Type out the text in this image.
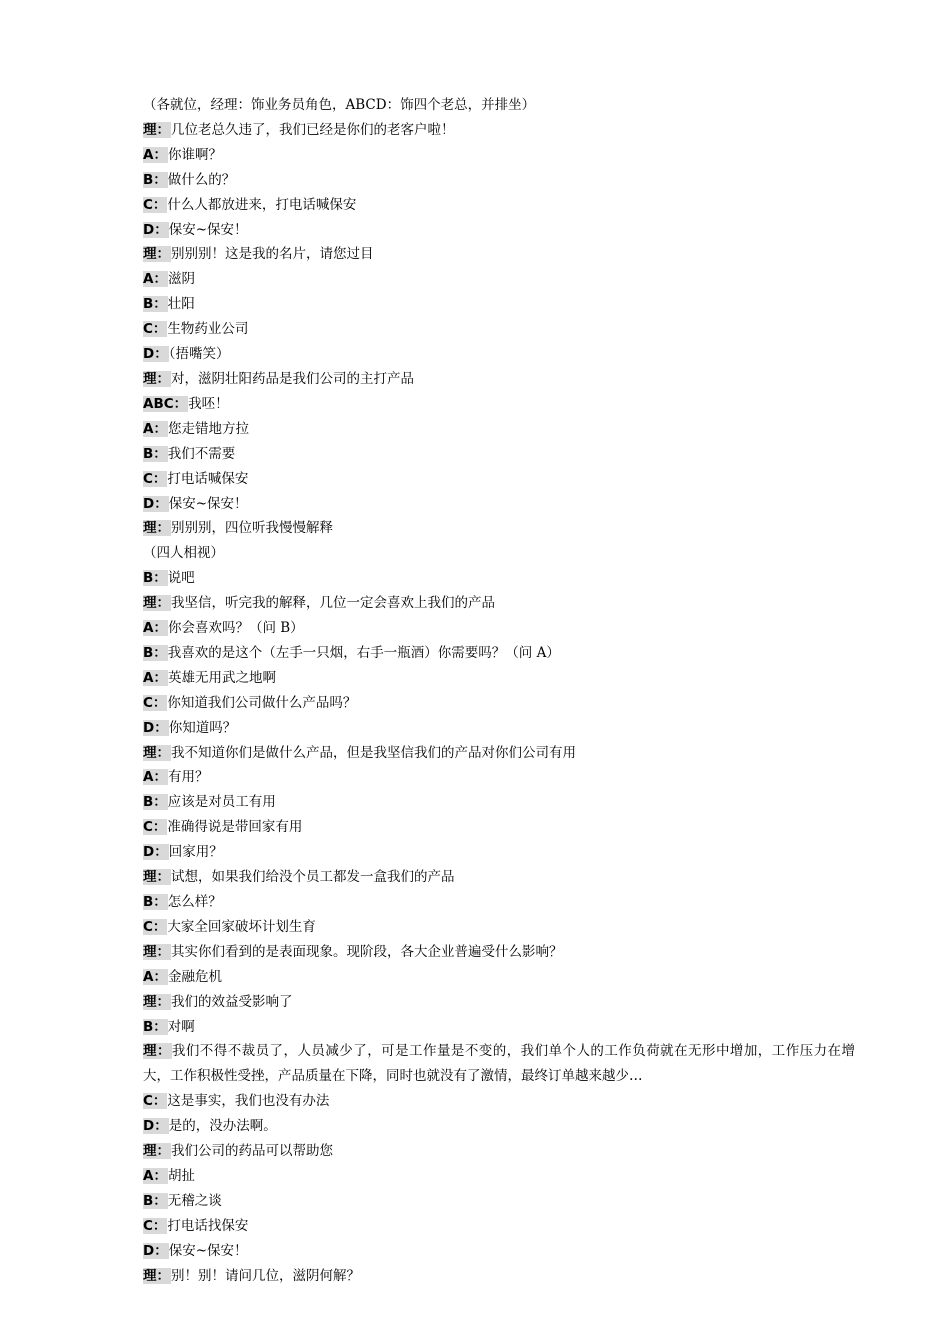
（各就位，经理：饰业务员角色，ABCD：饰四个老总，并排坐）
理：几位老总久违了，我们已经是你们的老客户啦！
A：你谁啊？
B：做什么的？
C：什么人都放进来，打电话喊保安
D：保安~保安！
理：别别别！这是我的名片，请您过目
A：滋阴
B：壮阳
C：生物药业公司
D：（捂嘴笑）
理：对，滋阴壮阳药品是我们公司的主打产品
ABC：我呸！
A：您走错地方拉
B：我们不需要
C：打电话喊保安
D：保安~保安！
理：别别别，四位听我慢慢解释
（四人相视）
B：说吧
理：我坚信，听完我的解释，几位一定会喜欢上我们的产品
A：你会喜欢吗？（问 B）
B：我喜欢的是这个（左手一只烟，右手一瓶酒）你需要吗？（问 A）
A：英雄无用武之地啊
C：你知道我们公司做什么产品吗？
D：你知道吗？
理：我不知道你们是做什么产品，但是我坚信我们的产品对你们公司有用
A：有用？
B：应该是对员工有用
C：准确得说是带回家有用
D：回家用？
理：试想，如果我们给没个员工都发一盒我们的产品
B：怎么样？
C：大家全回家破坏计划生育
理：其实你们看到的是表面现象。现阶段，各大企业普遍受什么影响？
A：金融危机
理：我们的效益受影响了
B：对啊
理：我们不得不裁员了，人员减少了，可是工作量是不变的，我们单个人的工作负荷就在无形中增加，工作压力在增大，工作积极性受挫，产品质量在下降，同时也就没有了激情，最终订单越来越少…
C：这是事实，我们也没有办法
D：是的，没办法啊。
理：我们公司的药品可以帮助您
A：胡扯
B：无稽之谈
C：打电话找保安
D：保安~保安！
理：别！别！请问几位，滋阴何解？
